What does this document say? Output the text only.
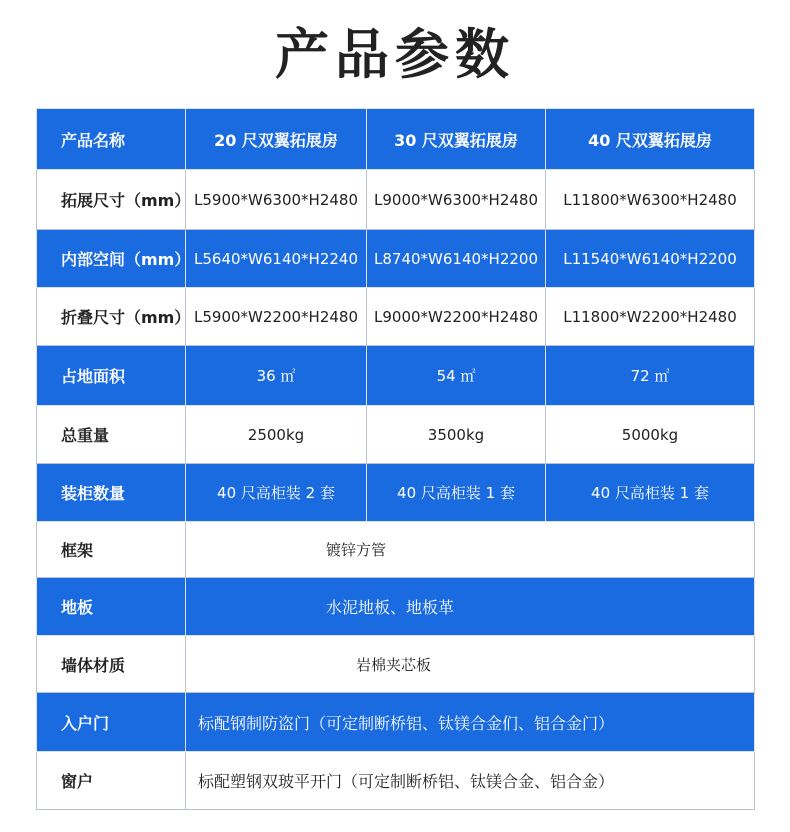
产品参数
产品名称	20 尺双翼拓展房	30 尺双翼拓展房	40 尺双翼拓展房
拓展尺寸（mm）	L5900*W6300*H2480	L9000*W6300*H2480	L11800*W6300*H2480
内部空间（mm）	L5640*W6140*H2240	L8740*W6140*H2200	L11540*W6140*H2200
折叠尺寸（mm）	L5900*W2200*H2480	L9000*W2200*H2480	L11800*W2200*H2480
占地面积	36 ㎡	54 ㎡	72 ㎡
总重量	2500kg	3500kg	5000kg
装柜数量	40 尺高柜装 2 套	40 尺高柜装 1 套	40 尺高柜装 1 套
框架	镀锌方管		
地板	水泥地板、地板革		
墙体材质	岩棉夹芯板		
入户门	标配钢制防盗门（可定制断桥铝、钛镁合金们、铝合金门）		
窗户	标配塑钢双玻平开门（可定制断桥铝、钛镁合金、铝合金）		
